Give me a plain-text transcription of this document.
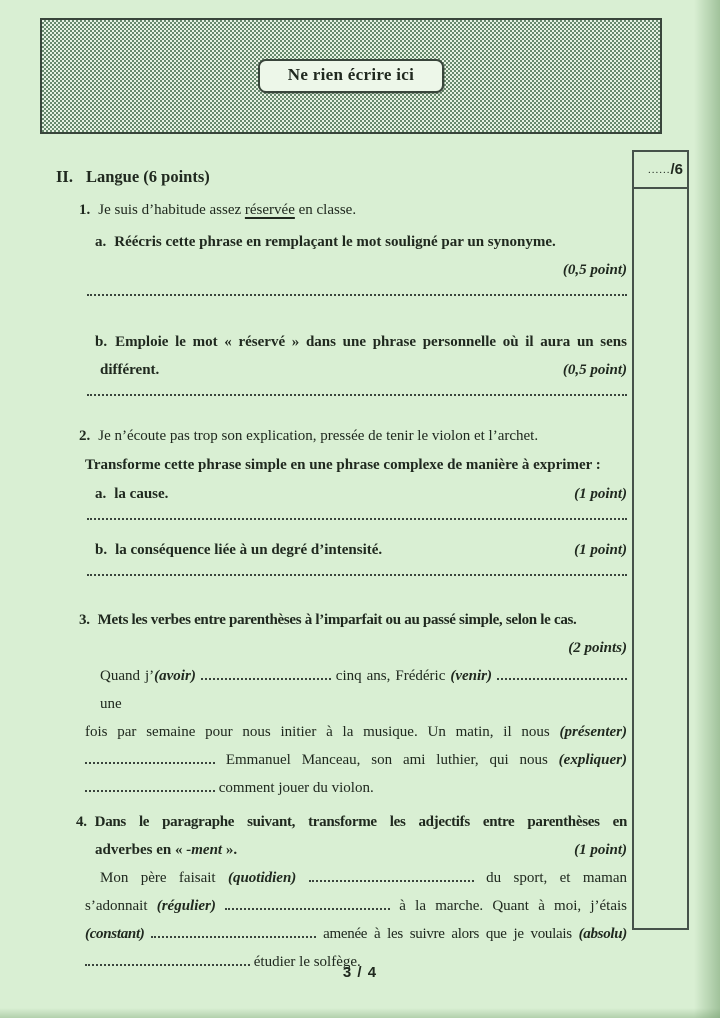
Ne rien écrire ici
...... /6
II. Langue (6 points)
1. Je suis d’habitude assez réservée en classe.
a. Réécris cette phrase en remplaçant le mot souligné par un synonyme.
(0,5 point)
b. Emploie le mot « réservé » dans une phrase personnelle où il aura un sens
(0,5 point)
différent.
2. Je n’écoute pas trop son explication, pressée de tenir le violon et l’archet.
Transforme cette phrase simple en une phrase complexe de manière à exprimer :
(1 point)
a. la cause.
(1 point)
b. la conséquence liée à un degré d’intensité.
3. Mets les verbes entre parenthèses à l’imparfait ou au passé simple, selon le cas.
(2 points)
Quand j’(avoir)	cinq ans, Frédéric (venir)  une
fois par semaine pour nous initier à la musique. Un matin, il nous (présenter)
Emmanuel Manceau, son ami luthier, qui nous (expliquer)
comment jouer du violon.
4. Dans le paragraphe suivant, transforme les adjectifs entre parenthèses en
(1 point)
adverbes en « -ment ».
Mon père faisait (quotidien)	du sport, et maman
s’adonnait (régulier)	à la marche. Quant à moi, j’étais
(constant)	amenée à les suivre alors que je voulais (absolu)
étudier le solfège.
3 / 4
